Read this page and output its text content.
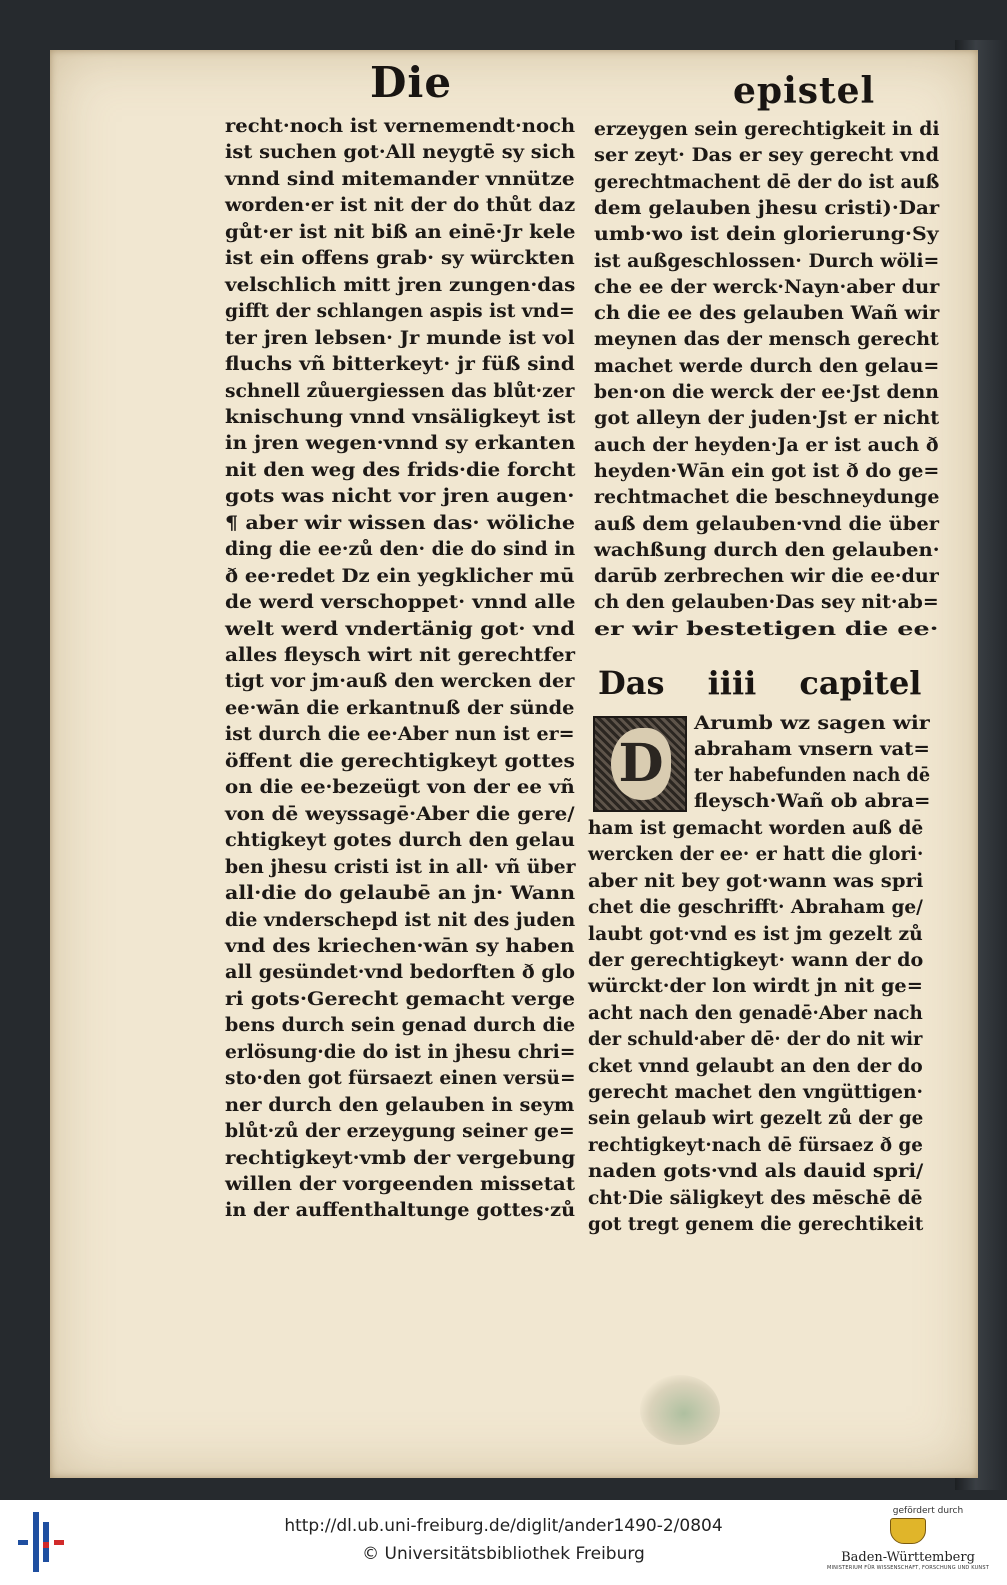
Die	epistel
recht·noch ist vernemendt·noch
ist suchen got·All neygtē sy sich
vnnd sind mitemander vnnütze
worden·er ist nit der do thůt daz
gůt·er ist nit biß an einē·Jr kele
ist ein offens grab· sy würckten
velschlich mitt jren zungen·das
gifft der schlangen aspis ist vnd=
ter jren lebsen· Jr munde ist vol
fluchs vñ bitterkeyt· jr füß sind
schnell zůuergiessen das blůt·zer
knischung vnnd vnsäligkeyt ist
in jren wegen·vnnd sy erkanten
nit den weg des frids·die forcht
gots was nicht vor jren augen·
¶ aber wir wissen das· wöliche
ding die ee·zů den· die do sind in
ð ee·redet Dz ein yegklicher mū
de werd verschoppet· vnnd alle
welt werd vndertänig got· vnd
alles fleysch wirt nit gerechtfer
tigt vor jm·auß den wercken der
ee·wān die erkantnuß der sünde
ist durch die ee·Aber nun ist er=
öffent die gerechtigkeyt gottes
on die ee·bezeügt von der ee vñ
von dē weyssagē·Aber die gere/
chtigkeyt gotes durch den gelau
ben jhesu cristi ist in all· vñ über
all·die do gelaubē an jn· Wann
die vnderschepd ist nit des juden
vnd des kriechen·wān sy haben
all gesündet·vnd bedorften ð glo
ri gots·Gerecht gemacht verge
bens durch sein genad durch die
erlösung·die do ist in jhesu chri=
sto·den got fürsaezt einen versü=
ner durch den gelauben in seym
blůt·zů der erzeygung seiner ge=
rechtigkeyt·vmb der vergebung
willen der vorgeenden missetat
in der auffenthaltunge gottes·zů
erzeygen sein gerechtigkeit in di
ser zeyt· Das er sey gerecht vnd
gerechtmachent dē der do ist auß
dem gelauben jhesu cristi)·Dar
umb·wo ist dein glorierung·Sy
ist außgeschlossen· Durch wöli=
che ee der werck·Nayn·aber dur
ch die ee des gelauben Wañ wir
meynen das der mensch gerecht
machet werde durch den gelau=
ben·on die werck der ee·Jst denn
got alleyn der juden·Jst er nicht
auch der heyden·Ja er ist auch ð
heyden·Wān ein got ist ð do ge=
rechtmachet die beschneydunge
auß dem gelauben·vnd die über
wachßung durch den gelauben·
darūb zerbrechen wir die ee·dur
ch den gelauben·Das sey nit·ab=
er wir bestetigen die ee·
Das iiii capitel
D
Arumb wz sagen wir
abraham vnsern vat=
ter habefunden nach dē
fleysch·Wañ ob abra=
ham ist gemacht worden auß dē
wercken der ee· er hatt die glori·
aber nit bey got·wann was spri
chet die geschrifft· Abraham ge/
laubt got·vnd es ist jm gezelt zů
der gerechtigkeyt· wann der do
würckt·der lon wirdt jn nit ge=
acht nach den genadē·Aber nach
der schuld·aber dē· der do nit wir
cket vnnd gelaubt an den der do
gerecht machet den vngüttigen·
sein gelaub wirt gezelt zů der ge
rechtigkeyt·nach dē fürsaez ð ge
naden gots·vnd als dauid spri/
cht·Die säligkeyt des mēschē dē
got tregt genem die gerechtikeit
http://dl.ub.uni-freiburg.de/diglit/ander1490-2/0804
© Universitätsbibliothek Freiburg
gefördert durch
Baden-Württemberg
MINISTERIUM FÜR WISSENSCHAFT, FORSCHUNG UND KUNST
